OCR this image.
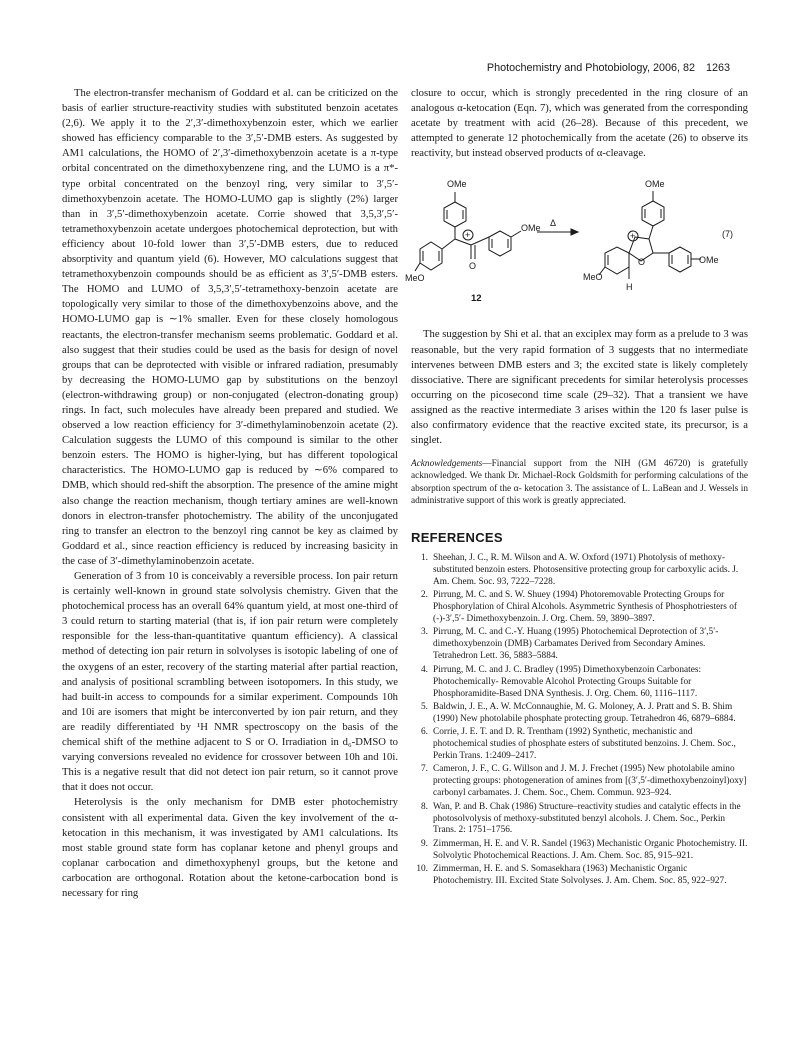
Photochemistry and Photobiology, 2006, 82 1263

The electron-transfer mechanism of Goddard et al. can be criticized on the basis of earlier structure-reactivity studies with substituted benzoin acetates (2,6). We apply it to the 2′,3′-dimethoxybenzoin ester, which we earlier showed has efficiency comparable to the 3′,5′-DMB esters. As suggested by AM1 calculations, the HOMO of 2′,3′-dimethoxybenzoin acetate is a π-type orbital concentrated on the dimethoxybenzene ring, and the LUMO is a π*-type orbital concentrated on the benzoyl ring, very similar to 3′,5′-dimethoxybenzoin acetate. The HOMO-LUMO gap is slightly (2%) larger than in 3′,5′-dimethoxybenzoin acetate. Corrie showed that 3,5,3′,5′-tetramethoxybenzoin acetate undergoes photochemical deprotection, but with efficiency about 10-fold lower than 3′,5′-DMB esters, due to reduced absorptivity and quantum yield (6). However, MO calculations suggest that tetramethoxybenzoin compounds should be as efficient as 3′,5′-DMB esters. The HOMO and LUMO of 3,5,3′,5′-tetramethoxy-benzoin acetate are topologically very similar to those of the dimethoxybenzoins above, and the HOMO-LUMO gap is ∼1% smaller. Even for these closely homologous reactants, the electron-transfer mechanism seems problematic. Goddard et al. also suggest that their studies could be used as the basis for design of novel groups that can be deprotected with visible or infrared radiation, presumably by decreasing the HOMO-LUMO gap by substitutions on the benzoyl (electron-withdrawing group) or non-conjugated (electron-donating group) rings. In fact, such molecules have already been prepared and studied. We observed a low reaction efficiency for 3′-dimethylaminobenzoin acetate (2). Calculation suggests the LUMO of this compound is similar to the other benzoin esters. The HOMO is higher-lying, but has different topological characteristics. The HOMO-LUMO gap is reduced by ∼6% compared to DMB, which should red-shift the absorption. The presence of the amine might also change the reaction mechanism, though tertiary amines are well-known donors in electron-transfer photochemistry. The ability of the unconjugated ring to transfer an electron to the benzoyl ring cannot be key as claimed by Goddard et al., since reaction efficiency is reduced by increasing basicity in the case of 3′-dimethylaminobenzoin acetate.

Generation of 3 from 10 is conceivably a reversible process. Ion pair return is certainly well-known in ground state solvolysis chemistry. Given that the photochemical process has an overall 64% quantum yield, at most one-third of 3 could return to starting material (that is, if ion pair return were completely responsible for the less-than-quantitative quantum efficiency). A classical method of detecting ion pair return in solvolyses is isotopic labeling of one of the oxygens of an ester, recovery of the starting material after partial reaction, and analysis of positional scrambling between isotopomers. In this study, we had built-in access to compounds for a similar experiment. Compounds 10h and 10i are isomers that might be interconverted by ion pair return, and they are readily differentiated by ¹H NMR spectroscopy on the basis of the chemical shift of the methine adjacent to S or O. Irradiation in d₆-DMSO to varying conversions revealed no evidence for crossover between 10h and 10i. This is a negative result that did not detect ion pair return, so it cannot prove that it does not occur.

Heterolysis is the only mechanism for DMB ester photochemistry consistent with all experimental data. Given the key involvement of the α-ketocation in this mechanism, it was investigated by AM1 calculations. Its most stable ground state form has coplanar ketone and phenyl groups and coplanar carbocation and dimethoxyphenyl groups, but the ketone and carbocation are orthogonal. Rotation about the ketone-carbocation bond is necessary for ring

closure to occur, which is strongly precedented in the ring closure of an analogous α-ketocation (Eqn. 7), which was generated from the corresponding acetate by treatment with acid (26–28). Because of this precedent, we attempted to generate 12 photochemically from the acetate (26) to observe its reactivity, but instead observed products of α-cleavage.

OMe	OMe
OMe Δ
(7)
O
MeO
12
OMe
MeO
O
H
+	+

The suggestion by Shi et al. that an exciplex may form as a prelude to 3 was reasonable, but the very rapid formation of 3 suggests that no intermediate intervenes between DMB esters and 3; the excited state is likely completely dissociative. There are significant precedents for similar heterolysis processes occurring on the picosecond time scale (29–32). That a transient we have assigned as the reactive intermediate 3 arises within the 120 fs laser pulse is also confirmatory evidence that the reactive excited state, its precursor, is a singlet.

Acknowledgements—Financial support from the NIH (GM 46720) is gratefully acknowledged. We thank Dr. Michael-Rock Goldsmith for performing calculations of the absorption spectrum of the α- ketocation 3. The assistance of L. LaBean and J. Wessels in administrative support of this work is greatly appreciated.

REFERENCES
1. Sheehan, J. C., R. M. Wilson and A. W. Oxford (1971) Photolysis of methoxy-substituted benzoin esters. Photosensitive protecting group for carboxylic acids. J. Am. Chem. Soc. 93, 7222–7228.
2. Pirrung, M. C. and S. W. Shuey (1994) Photoremovable Protecting Groups for Phosphorylation of Chiral Alcohols. Asymmetric Synthesis of Phosphotriesters of (-)-3′,5′- Dimethoxybenzoin. J. Org. Chem. 59, 3890–3897.
3. Pirrung, M. C. and C.-Y. Huang (1995) Photochemical Deprotection of 3′,5′- dimethoxybenzoin (DMB) Carbamates Derived from Secondary Amines. Tetrahedron Lett. 36, 5883–5884.
4. Pirrung, M. C. and J. C. Bradley (1995) Dimethoxybenzoin Carbonates: Photochemically- Removable Alcohol Protecting Groups Suitable for Phosphoramidite-Based DNA Synthesis. J. Org. Chem. 60, 1116–1117.
5. Baldwin, J. E., A. W. McConnaughie, M. G. Moloney, A. J. Pratt and S. B. Shim (1990) New photolabile phosphate protecting group. Tetrahedron 46, 6879–6884.
6. Corrie, J. E. T. and D. R. Trentham (1992) Synthetic, mechanistic and photochemical studies of phosphate esters of substituted benzoins. J. Chem. Soc., Perkin Trans. 1:2409–2417.
7. Cameron, J. F., C. G. Willson and J. M. J. Frechet (1995) New photolabile amino protecting groups: photogeneration of amines from [(3′,5′-dimethoxybenzoinyl)oxy] carbonyl carbamates. J. Chem. Soc., Chem. Commun. 923–924.
8. Wan, P. and B. Chak (1986) Structure–reactivity studies and catalytic effects in the photosolvolysis of methoxy-substituted benzyl alcohols. J. Chem. Soc., Perkin Trans. 2: 1751–1756.
9. Zimmerman, H. E. and V. R. Sandel (1963) Mechanistic Organic Photochemistry. II. Solvolytic Photochemical Reactions. J. Am. Chem. Soc. 85, 915–921.
10. Zimmerman, H. E. and S. Somasekhara (1963) Mechanistic Organic Photochemistry. III. Excited State Solvolyses. J. Am. Chem. Soc. 85, 922–927.
